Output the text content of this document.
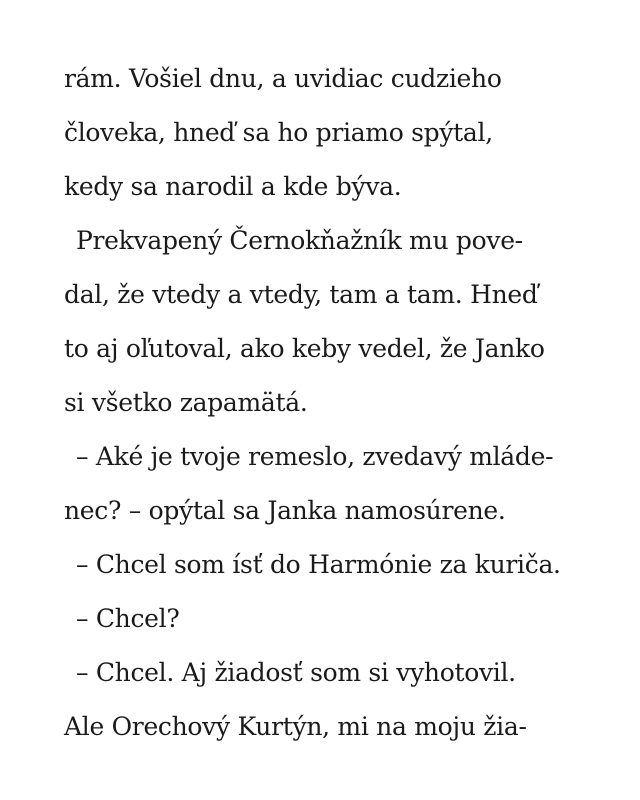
rám. Vošiel dnu, a uvidiac cudzieho
človeka, hneď sa ho priamo spýtal,
kedy sa narodil a kde býva.
Prekvapený Černokňažník mu pove-
dal, že vtedy a vtedy, tam a tam. Hneď
to aj oľutoval, ako keby vedel, že Janko
si všetko zapamätá.
– Aké je tvoje remeslo, zvedavý mláde-
nec? – opýtal sa Janka namosúrene.
– Chcel som ísť do Harmónie za kuriča.
– Chcel?
– Chcel. Aj žiadosť som si vyhotovil.
Ale Orechový Kurtýn, mi na moju žia-
